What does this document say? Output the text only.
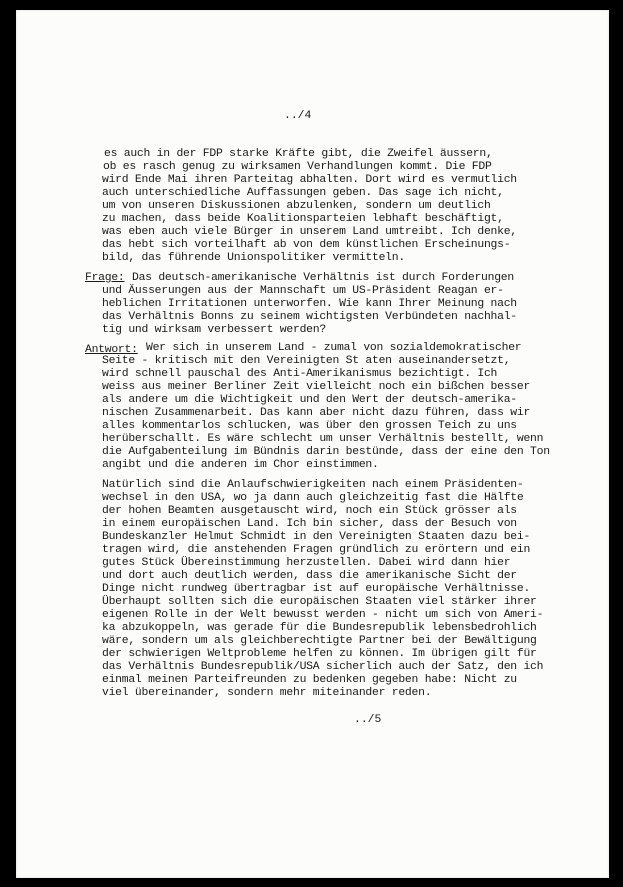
../4
es auch in der FDP starke Kräfte gibt, die Zweifel äussern,
ob es rasch genug zu wirksamen Verhandlungen kommt. Die FDP
wird Ende Mai ihren Parteitag abhalten. Dort wird es vermutlich
auch unterschiedliche Auffassungen geben. Das sage ich nicht,
um von unseren Diskussionen abzulenken, sondern um deutlich
zu machen, dass beide Koalitionsparteien lebhaft beschäftigt,
was eben auch viele Bürger in unserem Land umtreibt. Ich denke,
das hebt sich vorteilhaft ab von dem künstlichen Erscheinungs-
bild, das führende Unionspolitiker vermitteln.
Frage: Das deutsch-amerikanische Verhältnis ist durch Forderungen
und Äusserungen aus der Mannschaft um US-Präsident Reagan er-
heblichen Irritationen unterworfen. Wie kann Ihrer Meinung nach
das Verhältnis Bonns zu seinem wichtigsten Verbündeten nachhal-
tig und wirksam verbessert werden?
Antwort: Wer sich in unserem Land - zumal von sozialdemokratischer
Seite - kritisch mit den Vereinigten St aten auseinandersetzt,
wird schnell pauschal des Anti-Amerikanismus bezichtigt. Ich
weiss aus meiner Berliner Zeit vielleicht noch ein bißchen besser
als andere um die Wichtigkeit und den Wert der deutsch-amerika-
nischen Zusammenarbeit. Das kann aber nicht dazu führen, dass wir
alles kommentarlos schlucken, was über den grossen Teich zu uns
herüberschallt. Es wäre schlecht um unser Verhältnis bestellt, wenn
die Aufgabenteilung im Bündnis darin bestünde, dass der eine den Ton
angibt und die anderen im Chor einstimmen.
Natürlich sind die Anlaufschwierigkeiten nach einem Präsidenten-
wechsel in den USA, wo ja dann auch gleichzeitig fast die Hälfte
der hohen Beamten ausgetauscht wird, noch ein Stück grösser als
in einem europäischen Land. Ich bin sicher, dass der Besuch von
Bundeskanzler Helmut Schmidt in den Vereinigten Staaten dazu bei-
tragen wird, die anstehenden Fragen gründlich zu erörtern und ein
gutes Stück Übereinstimmung herzustellen. Dabei wird dann hier
und dort auch deutlich werden, dass die amerikanische Sicht der
Dinge nicht rundweg übertragbar ist auf europäische Verhältnisse.
Überhaupt sollten sich die europäischen Staaten viel stärker ihrer
eigenen Rolle in der Welt bewusst werden - nicht um sich von Ameri-
ka abzukoppeln, was gerade für die Bundesrepublik lebensbedrohlich
wäre, sondern um als gleichberechtigte Partner bei der Bewältigung
der schwierigen Weltprobleme helfen zu können. Im übrigen gilt für
das Verhältnis Bundesrepublik/USA sicherlich auch der Satz, den ich
einmal meinen Parteifreunden zu bedenken gegeben habe: Nicht zu
viel übereinander, sondern mehr miteinander reden.
../5
